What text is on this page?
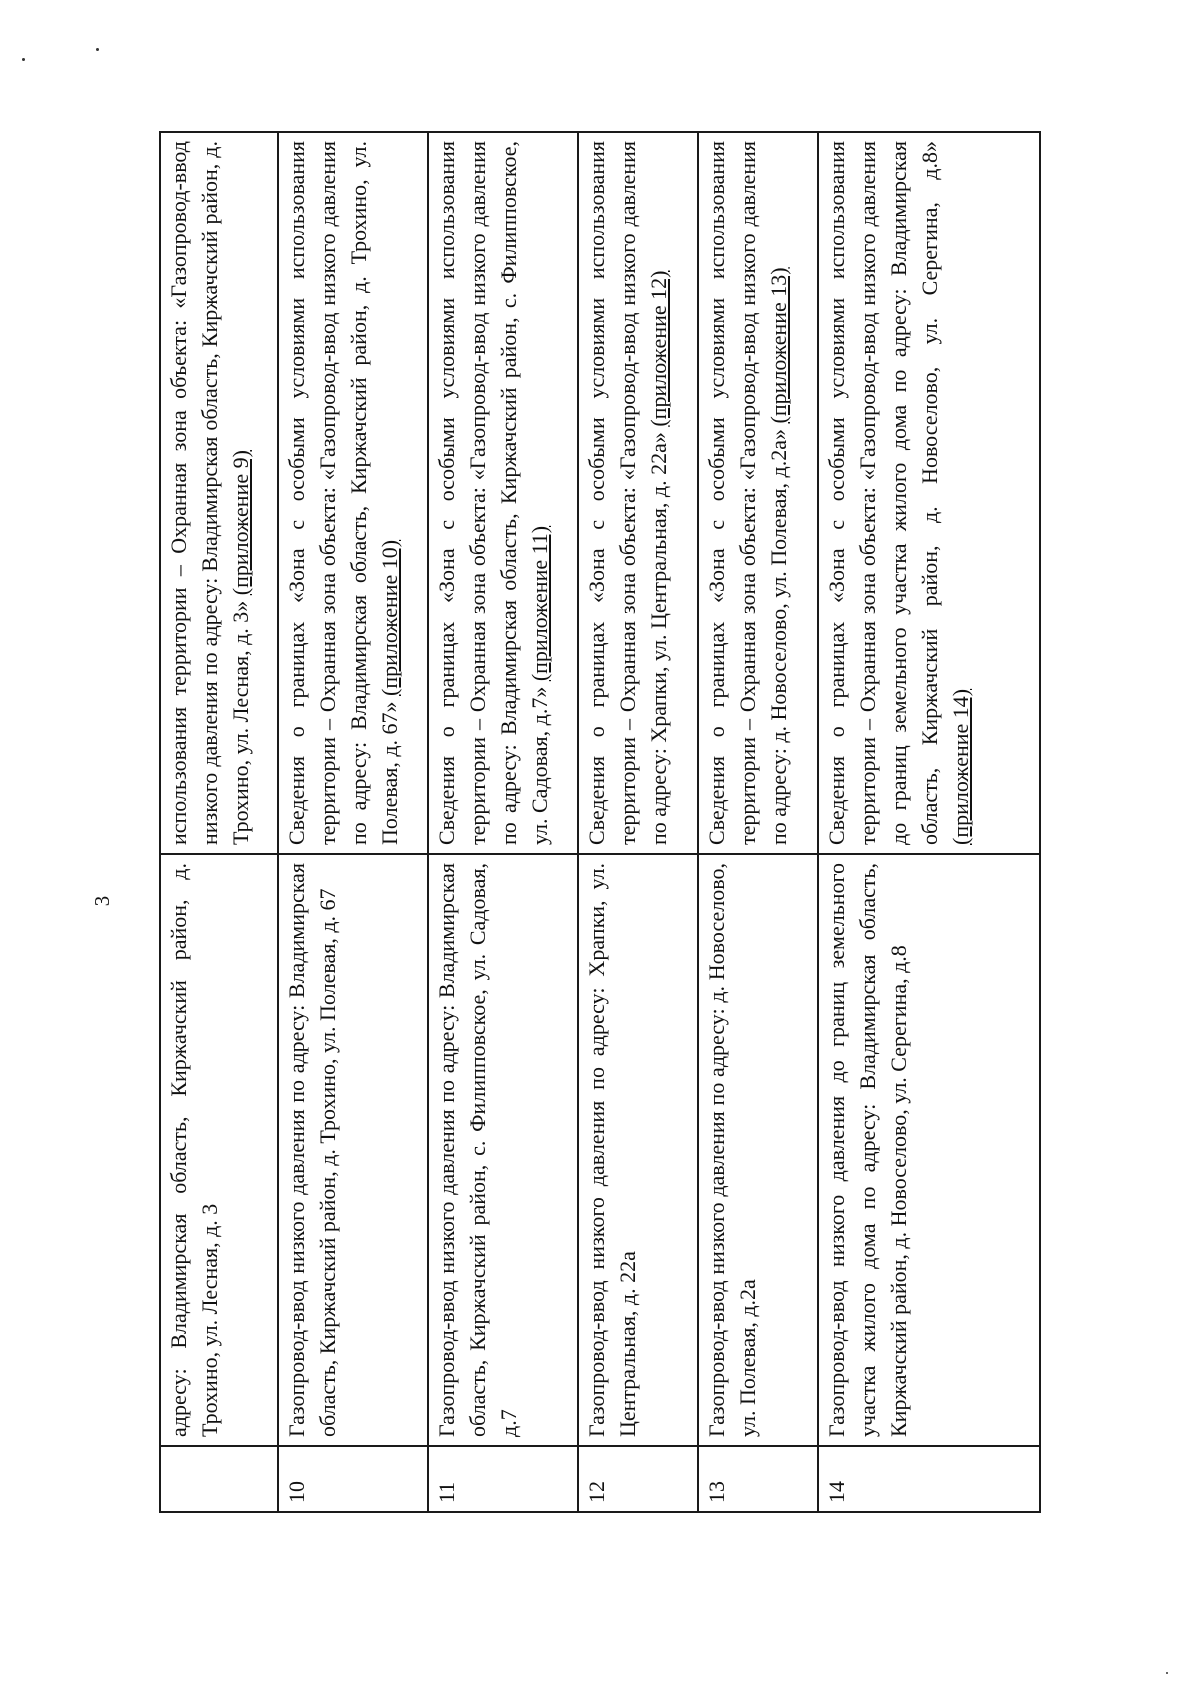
3
	адресу: Владимирская область, Киржачский район, д. Трохино, ул. Лесная, д. 3	использования территории – Охранная зона объекта: «Газопровод-ввод низкого давления по адресу: Владимирская область, Киржачский район, д. Трохино, ул. Лесная, д. 3» (приложение 9)
10	Газопровод-ввод низкого давления по адресу: Владимирская область, Киржачский район, д. Трохино, ул. Полевая, д. 67	Сведения о границах «Зона с особыми условиями использования территории – Охранная зона объекта: «Газопровод-ввод низкого давления по адресу: Владимирская область, Киржачский район, д. Трохино, ул. Полевая, д. 67» (приложение 10)
11	Газопровод-ввод низкого давления по адресу: Владимирская область, Киржачский район, с. Филипповское, ул. Садовая, д.7	Сведения о границах «Зона с особыми условиями использования территории – Охранная зона объекта: «Газопровод-ввод низкого давления по адресу: Владимирская область, Киржачский район, с. Филипповское, ул. Садовая, д.7» (приложение 11)
12	Газопровод-ввод низкого давления по адресу: Храпки, ул. Центральная, д. 22а	Сведения о границах «Зона с особыми условиями использования территории – Охранная зона объекта: «Газопровод-ввод низкого давления по адресу: Храпки, ул. Центральная, д. 22а» (приложение 12)
13	Газопровод-ввод низкого давления по адресу: д. Новоселово, ул. Полевая, д.2а	Сведения о границах «Зона с особыми условиями использования территории – Охранная зона объекта: «Газопровод-ввод низкого давления по адресу: д. Новоселово, ул. Полевая, д.2а» (приложение 13)
14	Газопровод-ввод низкого давления до границ земельного участка жилого дома по адресу: Владимирская область, Киржачский район, д. Новоселово, ул. Серегина, д.8	Сведения о границах «Зона с особыми условиями использования территории – Охранная зона объекта: «Газопровод-ввод низкого давления до границ земельного участка жилого дома по адресу: Владимирская область, Киржачский район, д. Новоселово, ул. Серегина, д.8» (приложение 14)
